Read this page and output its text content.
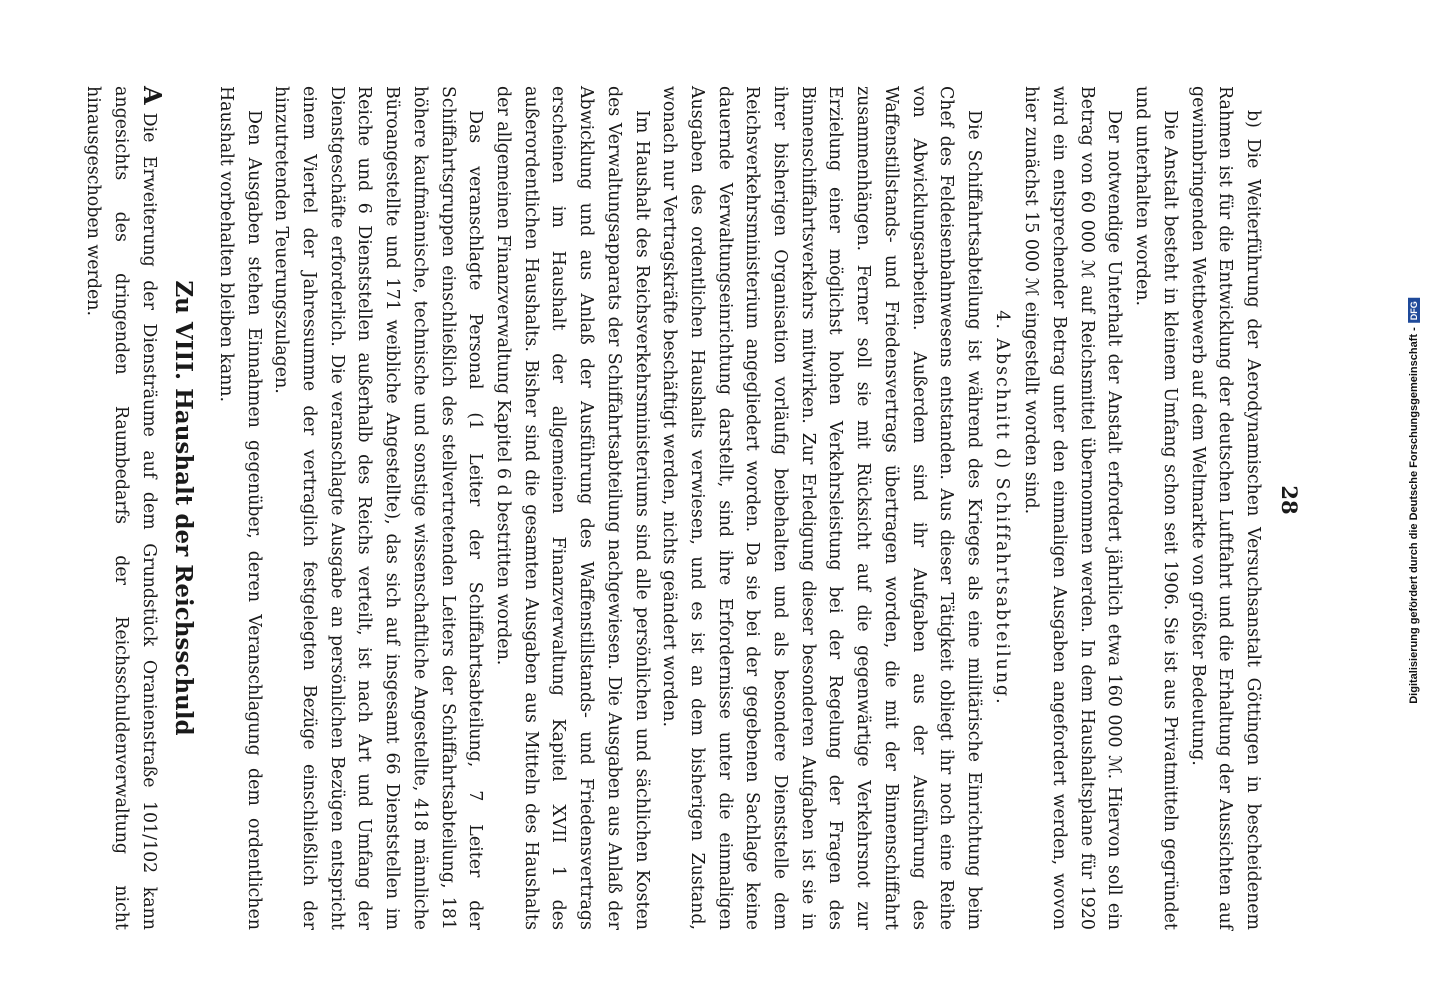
28

b) Die Weiterführung der Aerodynamischen Versuchsanstalt Göttingen in bescheidenem Rahmen ist für die Entwicklung der deutschen Luftfahrt und die Erhaltung der Aussichten auf gewinnbringenden Wettbewerb auf dem Weltmarkte von größter Bedeutung.

Die Anstalt besteht in kleinem Umfang schon seit 1906. Sie ist aus Privatmitteln gegründet und unterhalten worden.

Der notwendige Unterhalt der Anstalt erfordert jährlich etwa 160 000 ℳ. Hiervon soll ein Betrag von 60 000 ℳ auf Reichsmittel übernommen werden. In dem Haushaltsplane für 1920 wird ein entsprechender Betrag unter den einmaligen Ausgaben angefordert werden, wovon hier zunächst 15 000 ℳ eingestellt worden sind.

4. Abschnitt d) Schiffahrtsabteilung.

Die Schiffahrtsabteilung ist während des Krieges als eine militärische Einrichtung beim Chef des Feldeisenbahnwesens entstanden. Aus dieser Tätigkeit obliegt ihr noch eine Reihe von Abwicklungsarbeiten. Außerdem sind ihr Aufgaben aus der Ausführung des Waffenstillstands- und Friedensvertrags übertragen worden, die mit der Binnenschiffahrt zusammenhängen. Ferner soll sie mit Rücksicht auf die gegenwärtige Verkehrsnot zur Erzielung einer möglichst hohen Verkehrsleistung bei der Regelung der Fragen des Binnenschiffahrtsverkehrs mitwirken. Zur Erledigung dieser besonderen Aufgaben ist sie in ihrer bisherigen Organisation vorläufig beibehalten und als besondere Dienststelle dem Reichsverkehrsministerium angegliedert worden. Da sie bei der gegebenen Sachlage keine dauernde Verwaltungseinrichtung darstellt, sind ihre Erfordernisse unter die einmaligen Ausgaben des ordentlichen Haushalts verwiesen, und es ist an dem bisherigen Zustand, wonach nur Vertragskräfte beschäftigt werden, nichts geändert worden.

Im Haushalt des Reichsverkehrsministeriums sind alle persönlichen und sächlichen Kosten des Verwaltungsapparats der Schiffahrtsabteilung nachgewiesen. Die Ausgaben aus Anlaß der Abwicklung und aus Anlaß der Ausführung des Waffenstillstands- und Friedensvertrags erscheinen im Haushalt der allgemeinen Finanzverwaltung Kapitel XVII 1 des außerordentlichen Haushalts. Bisher sind die gesamten Ausgaben aus Mitteln des Haushalts der allgemeinen Finanzverwaltung Kapitel 6 d bestritten worden.

Das veranschlagte Personal (1 Leiter der Schiffahrtsabteilung, 7 Leiter der Schiffahrtsgruppen einschließlich des stellvertretenden Leiters der Schiffahrtsabteilung, 181 höhere kaufmännische, technische und sonstige wissenschaftliche Angestellte, 418 männliche Büroangestellte und 171 weibliche Angestellte), das sich auf insgesamt 66 Dienststellen im Reiche und 6 Dienststellen außerhalb des Reichs verteilt, ist nach Art und Umfang der Dienstgeschäfte erforderlich. Die veranschlagte Ausgabe an persönlichen Bezügen entspricht einem Viertel der Jahressumme der vertraglich festgelegten Bezüge einschließlich der hinzutretenden Teuerungszulagen.

Den Ausgaben stehen Einnahmen gegenüber, deren Veranschlagung dem ordentlichen Haushalt vorbehalten bleiben kann.

Zu VIII. Haushalt der Reichsschuld

ADie Erweiterung der Diensträume auf dem Grundstück Oranienstraße 101/102 kann angesichts des dringenden Raumbedarfs der Reichsschuldenverwaltung nicht hinausgeschoben werden.

Digitalisierung gefördert durch die Deutsche Forschungsgemeinschaft -DFG
